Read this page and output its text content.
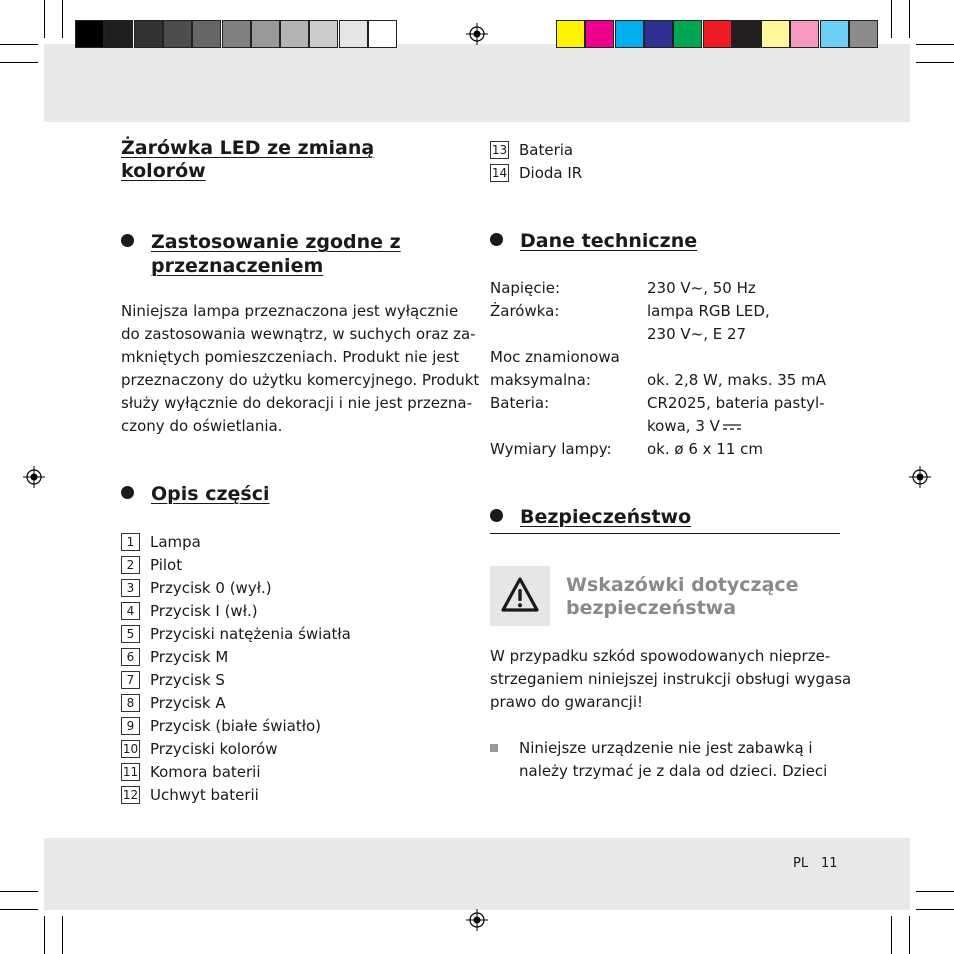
Żarówka LED ze zmianą
kolorów
Zastosowanie zgodne z
przeznaczeniem
Niniejsza lampa przeznaczona jest wyłącznie
do zastosowania wewnątrz, w suchych oraz za-
mkniętych pomieszczeniach. Produkt nie jest
przeznaczony do użytku komercyjnego. Produkt
służy wyłącznie do dekoracji i nie jest przezna-
czony do oświetlania.
Opis części
1	Lampa
2	Pilot
3	Przycisk 0 (wył.)
4	Przycisk I (wł.)
5	Przyciski natężenia światła
6	Przycisk M
7	Przycisk S
8	Przycisk A
9	Przycisk (białe światło)
10 Przyciski kolorów
11 Komora baterii
12 Uchwyt baterii
13 Bateria
14 Dioda IR
Dane techniczne
Napięcie:	230 V~, 50 Hz
Żarówka:	lampa RGB LED,
230 V~, E 27
Moc znamionowa
maksymalna:	ok. 2,8 W, maks. 35 mA
Bateria:	CR2025, bateria pastyl-
kowa, 3 V
Wymiary lampy: ok. ø 6 x 11 cm
Bezpieczeństwo
Wskazówki dotyczące
bezpieczeństwa
W przypadku szkód spowodowanych nieprze-
strzeganiem niniejszej instrukcji obsługi wygasa
prawo do gwarancji!
Niniejsze urządzenie nie jest zabawką i
należy trzymać je z dala od dzieci. Dzieci
PL 11
